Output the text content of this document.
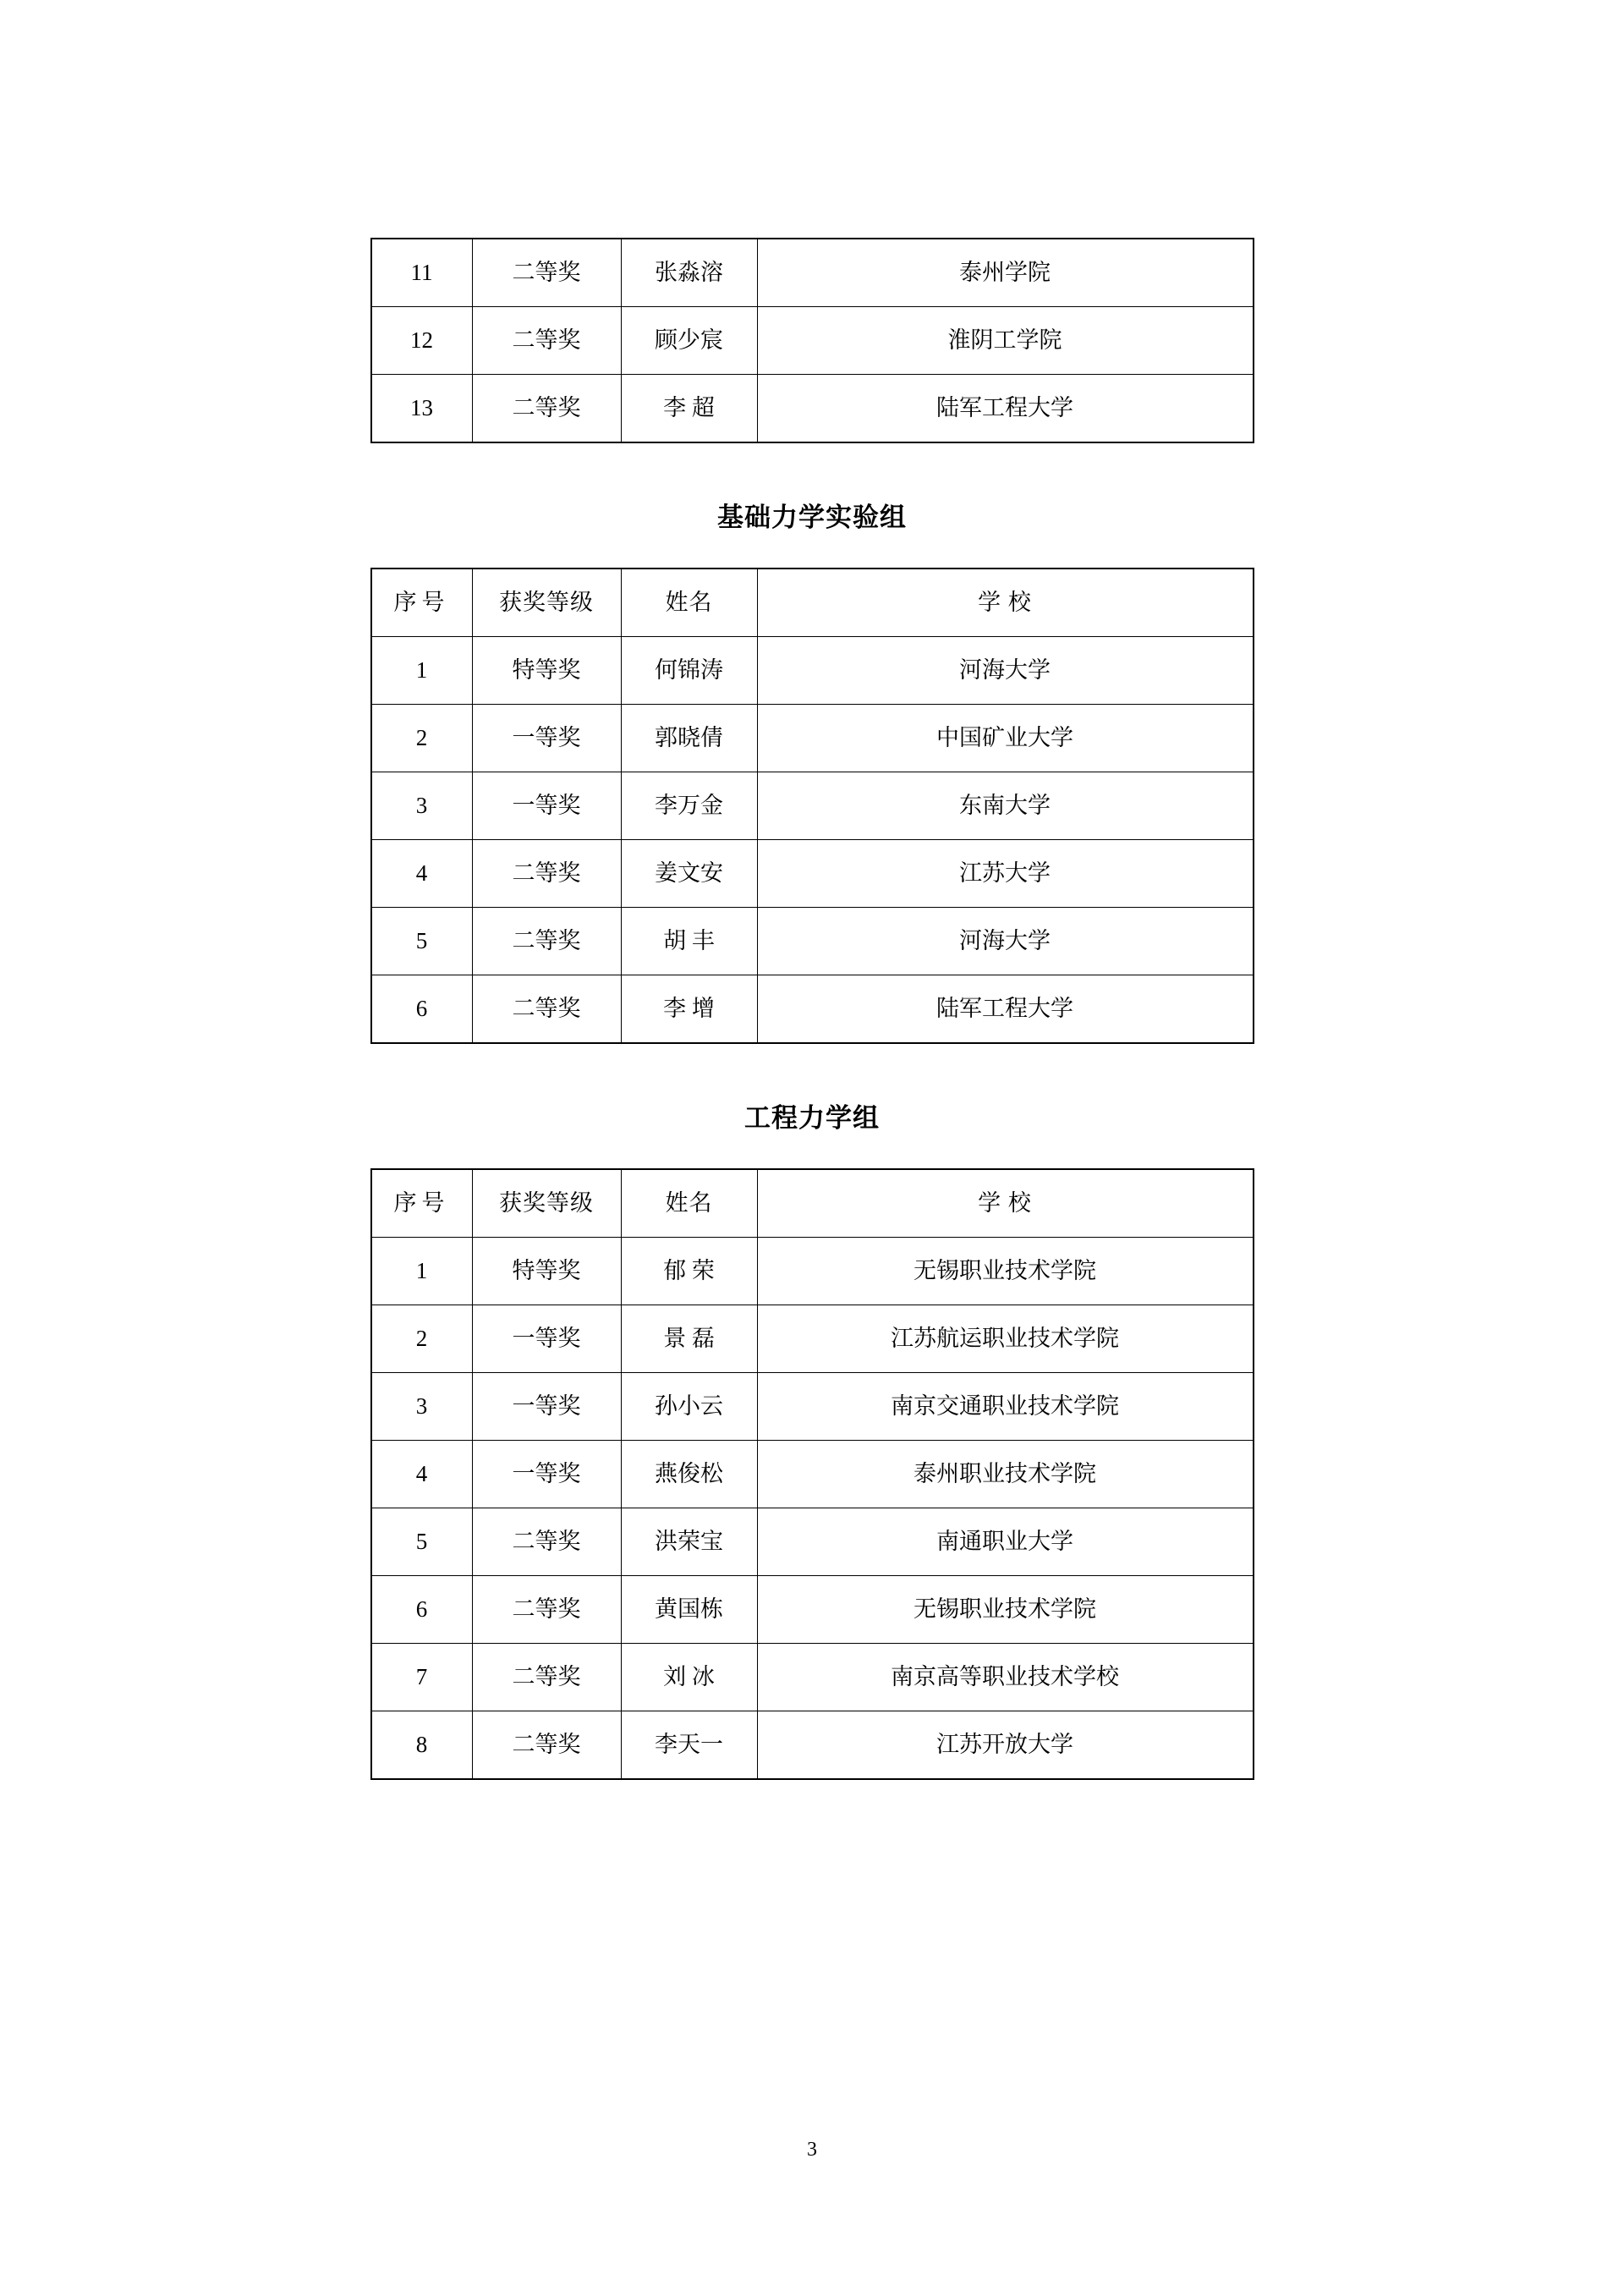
11	二等奖	张淼溶	泰州学院
12	二等奖	顾少宸	淮阴工学院
13	二等奖	李 超	陆军工程大学
基础力学实验组
序号	获奖等级	姓名	学 校
1	特等奖	何锦涛	河海大学
2	一等奖	郭晓倩	中国矿业大学
3	一等奖	李万金	东南大学
4	二等奖	姜文安	江苏大学
5	二等奖	胡 丰	河海大学
6	二等奖	李 增	陆军工程大学
工程力学组
序号	获奖等级	姓名	学 校
1	特等奖	郁 荣	无锡职业技术学院
2	一等奖	景 磊	江苏航运职业技术学院
3	一等奖	孙小云	南京交通职业技术学院
4	一等奖	燕俊松	泰州职业技术学院
5	二等奖	洪荣宝	南通职业大学
6	二等奖	黄国栋	无锡职业技术学院
7	二等奖	刘 冰	南京高等职业技术学校
8	二等奖	李天一	江苏开放大学
3
